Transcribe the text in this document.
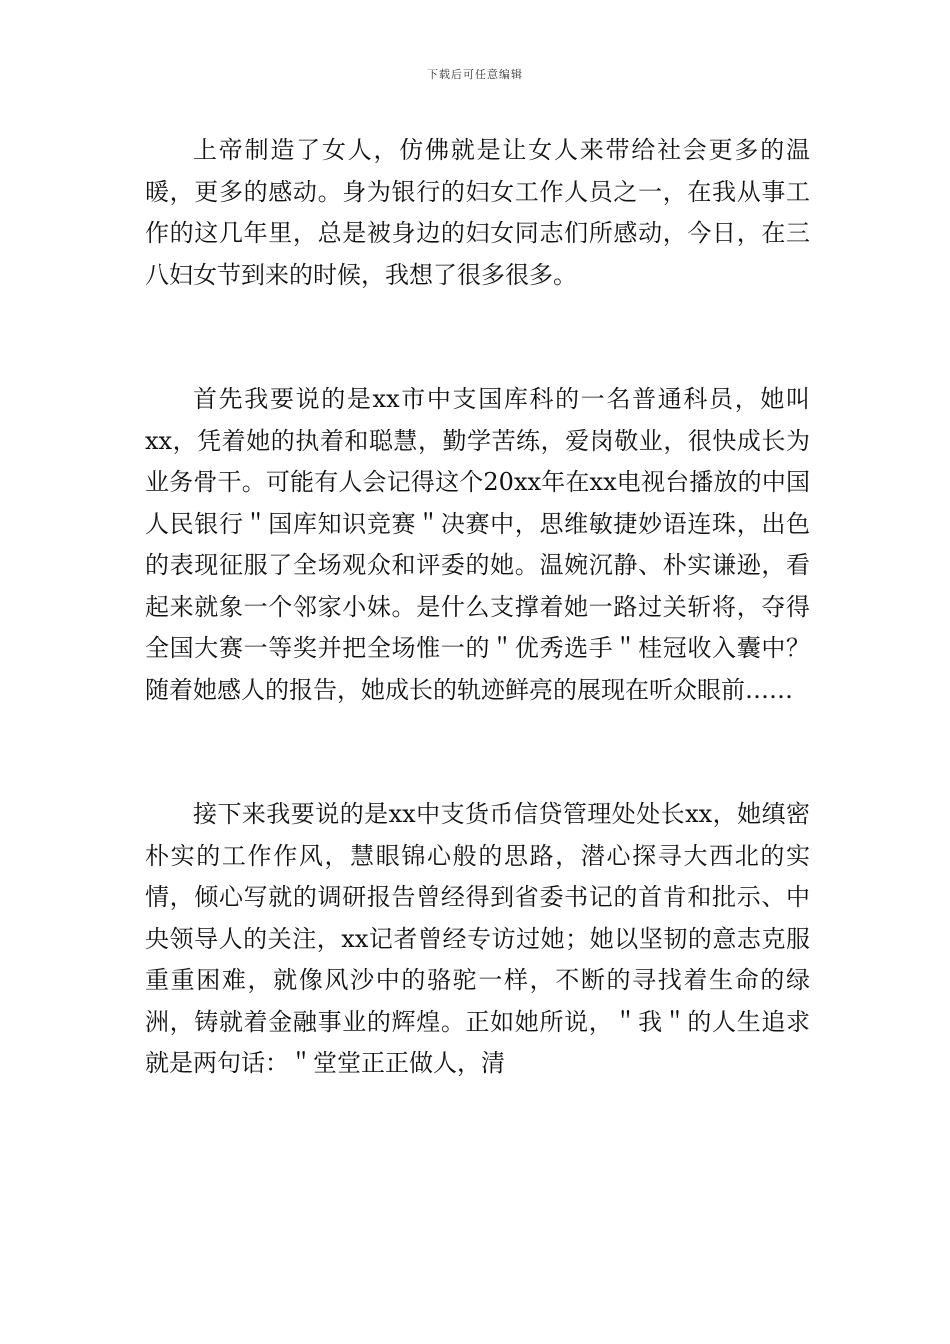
下载后可任意编辑

上帝制造了女人，仿佛就是让女人来带给社会更多的温暖，更多的感动。身为银行的妇女工作人员之一，在我从事工作的这几年里，总是被身边的妇女同志们所感动，今日，在三八妇女节到来的时候，我想了很多很多。

首先我要说的是xx市中支国库科的一名普通科员，她叫xx，凭着她的执着和聪慧，勤学苦练，爱岗敬业，很快成长为业务骨干。可能有人会记得这个20xx年在xx电视台播放的中国人民银行＂国库知识竞赛＂决赛中，思维敏捷妙语连珠，出色的表现征服了全场观众和评委的她。温婉沉静、朴实谦逊，看起来就象一个邻家小妹。是什么支撑着她一路过关斩将，夺得全国大赛一等奖并把全场惟一的＂优秀选手＂桂冠收入囊中？随着她感人的报告，她成长的轨迹鲜亮的展现在听众眼前……

接下来我要说的是xx中支货币信贷管理处处长xx，她缜密朴实的工作作风，慧眼锦心般的思路，潜心探寻大西北的实情，倾心写就的调研报告曾经得到省委书记的首肯和批示、中央领导人的关注，xx记者曾经专访过她；她以坚韧的意志克服重重困难，就像风沙中的骆驼一样，不断的寻找着生命的绿洲，铸就着金融事业的辉煌。正如她所说，＂我＂的人生追求就是两句话：＂堂堂正正做人，清
